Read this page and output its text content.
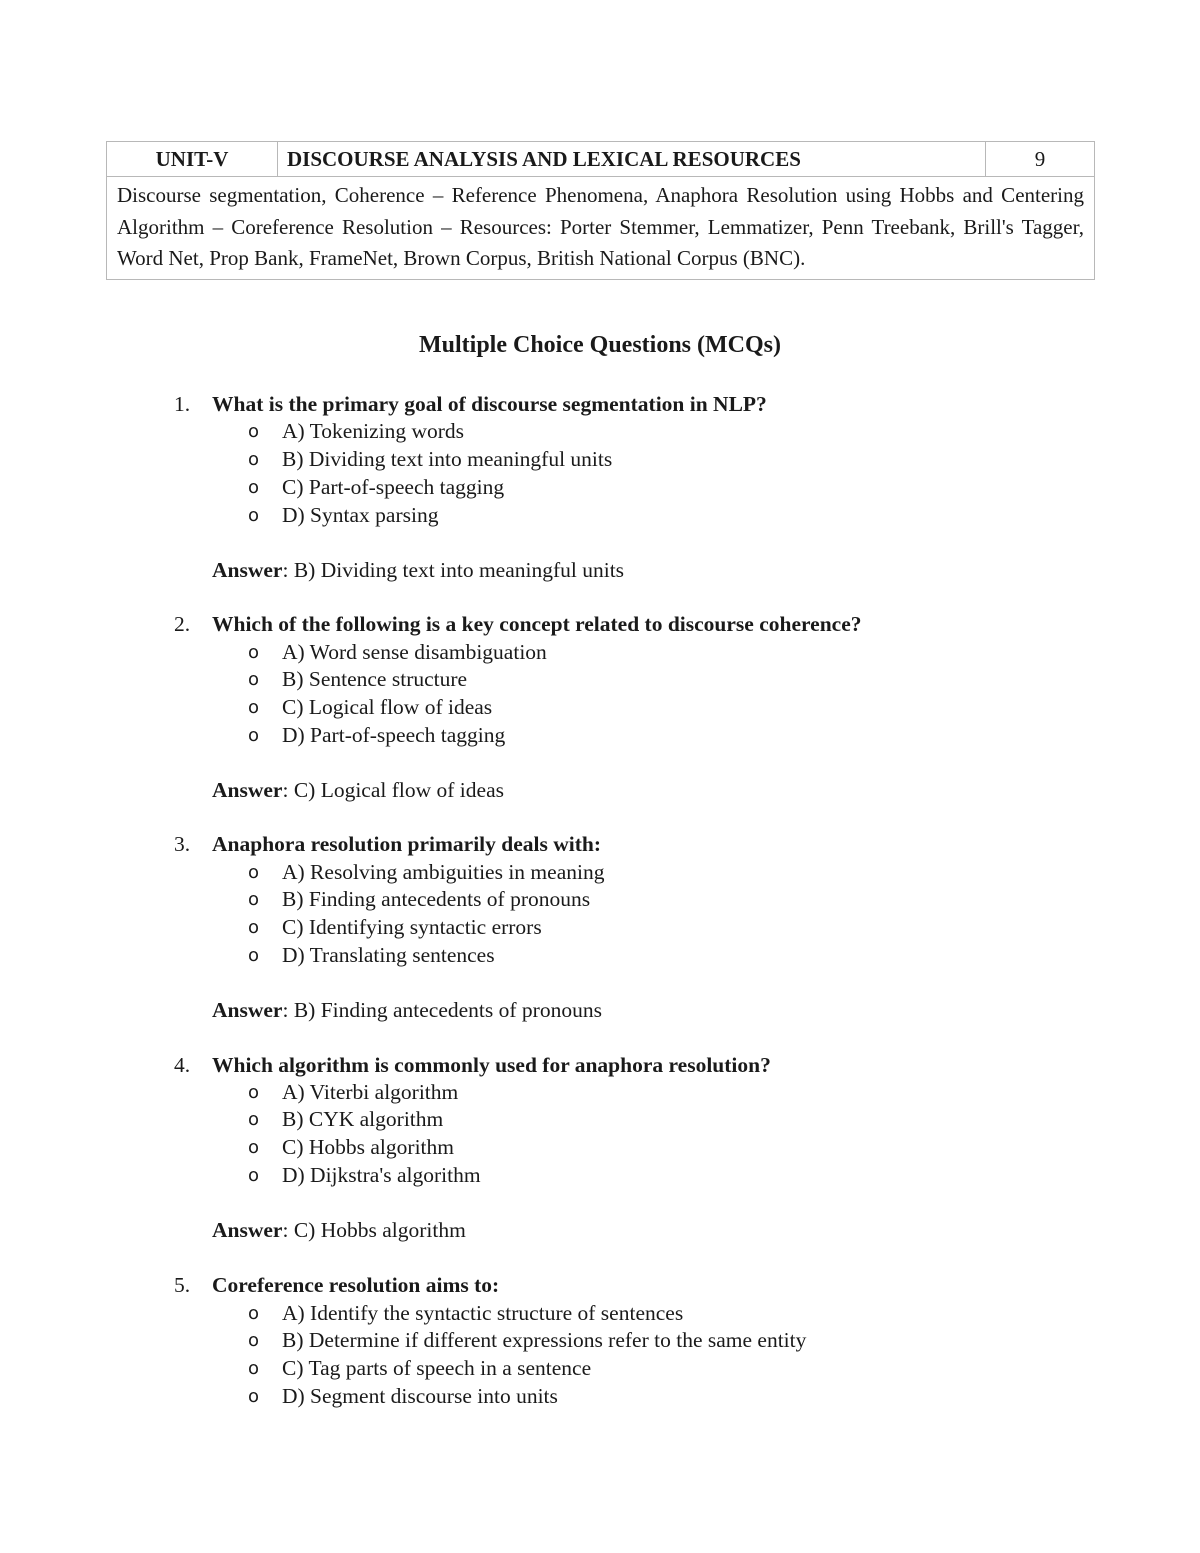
UNIT-V	DISCOURSE ANALYSIS AND LEXICAL RESOURCES	9
Discourse segmentation, Coherence – Reference Phenomena, Anaphora Resolution using Hobbs and Centering Algorithm – Coreference Resolution – Resources: Porter Stemmer, Lemmatizer, Penn Treebank, Brill's Tagger, Word Net, Prop Bank, FrameNet, Brown Corpus, British National Corpus (BNC).
Multiple Choice Questions (MCQs)
1. What is the primary goal of discourse segmentation in NLP?
o A) Tokenizing words
o B) Dividing text into meaningful units
o C) Part-of-speech tagging
o D) Syntax parsing
Answer: B) Dividing text into meaningful units
2. Which of the following is a key concept related to discourse coherence?
o A) Word sense disambiguation
o B) Sentence structure
o C) Logical flow of ideas
o D) Part-of-speech tagging
Answer: C) Logical flow of ideas
3. Anaphora resolution primarily deals with:
o A) Resolving ambiguities in meaning
o B) Finding antecedents of pronouns
o C) Identifying syntactic errors
o D) Translating sentences
Answer: B) Finding antecedents of pronouns
4. Which algorithm is commonly used for anaphora resolution?
o A) Viterbi algorithm
o B) CYK algorithm
o C) Hobbs algorithm
o D) Dijkstra's algorithm
Answer: C) Hobbs algorithm
5. Coreference resolution aims to:
o A) Identify the syntactic structure of sentences
o B) Determine if different expressions refer to the same entity
o C) Tag parts of speech in a sentence
o D) Segment discourse into units
